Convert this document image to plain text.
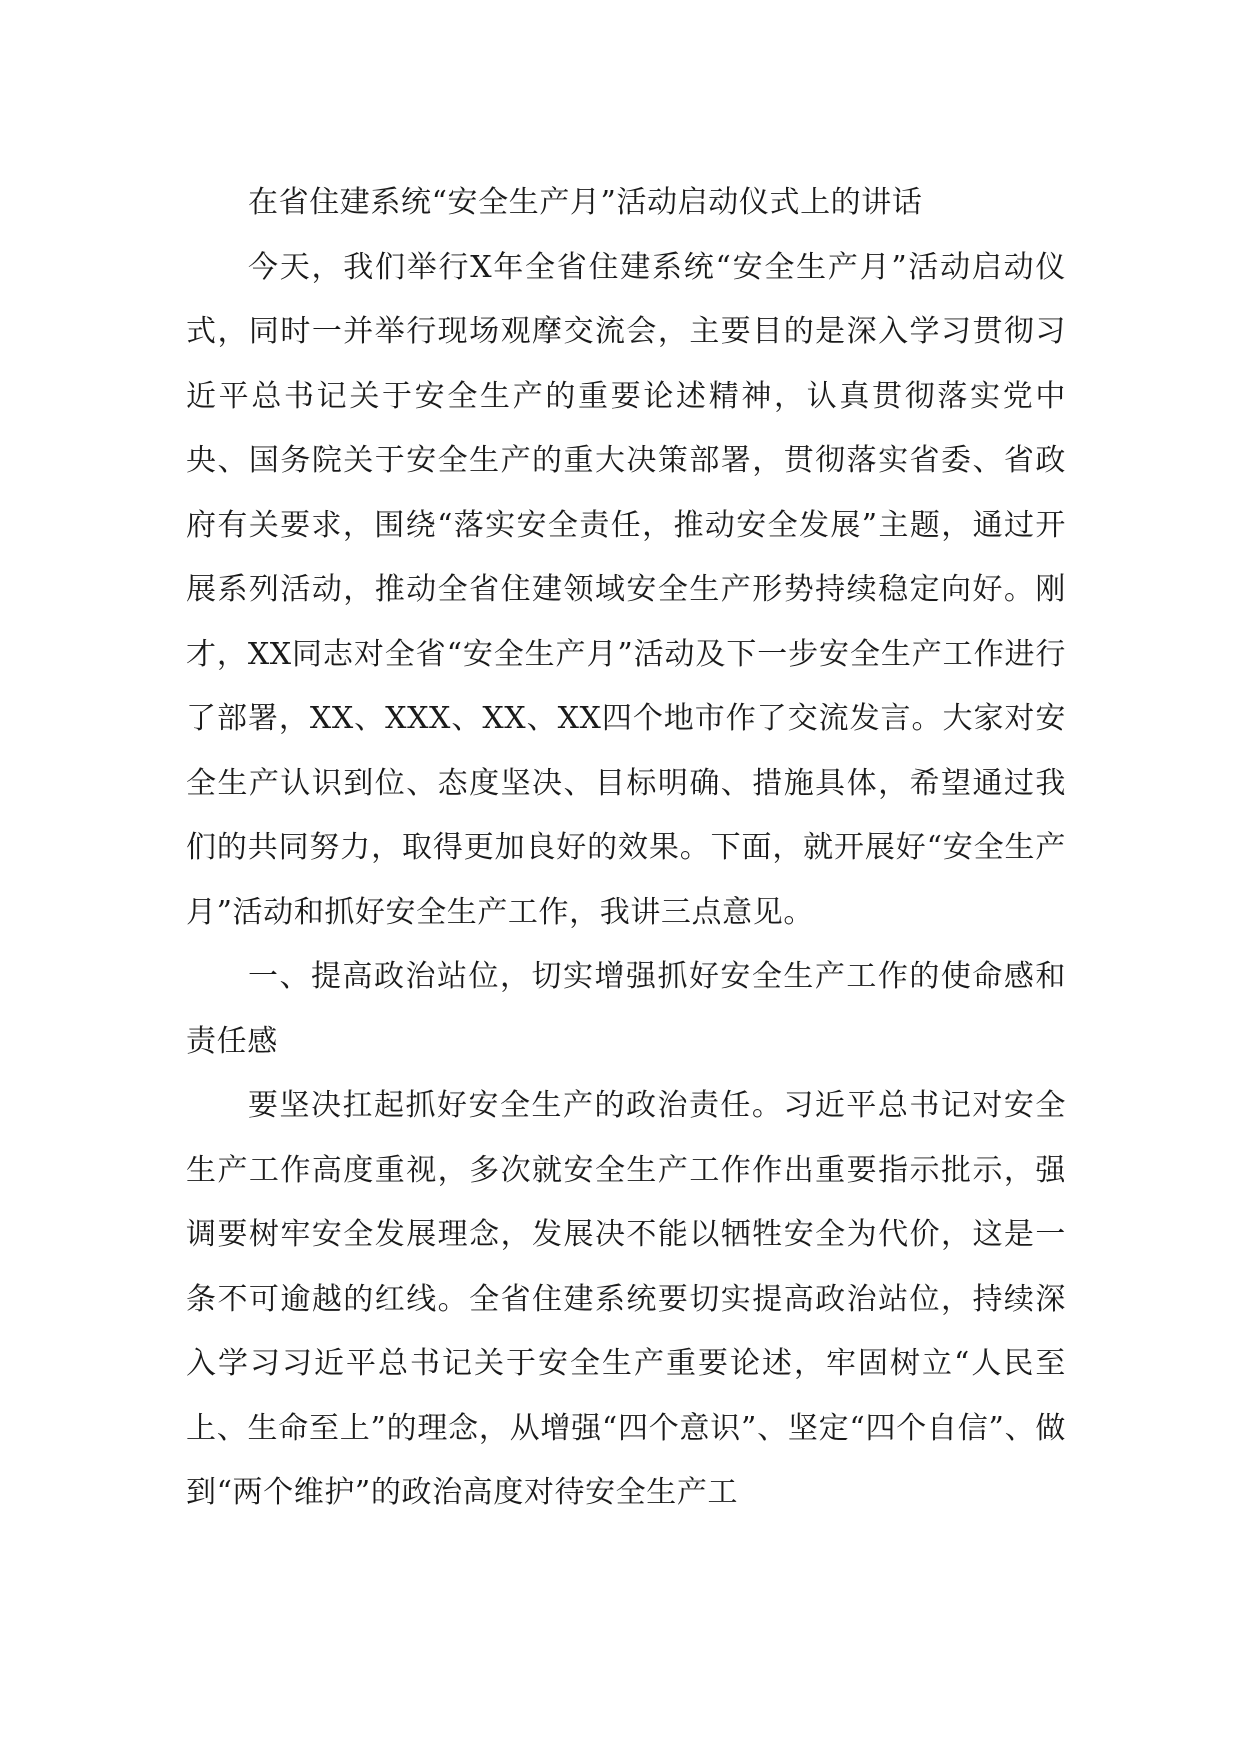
在省住建系统“安全生产月”活动启动仪式上的讲话

今天，我们举行X年全省住建系统“安全生产月”活动启动仪式，同时一并举行现场观摩交流会，主要目的是深入学习贯彻习近平总书记关于安全生产的重要论述精神，认真贯彻落实党中央、国务院关于安全生产的重大决策部署，贯彻落实省委、省政府有关要求，围绕“落实安全责任，推动安全发展”主题，通过开展系列活动，推动全省住建领域安全生产形势持续稳定向好。刚才，XX同志对全省“安全生产月”活动及下一步安全生产工作进行了部署，XX、XXX、XX、XX四个地市作了交流发言。大家对安全生产认识到位、态度坚决、目标明确、措施具体，希望通过我们的共同努力，取得更加良好的效果。下面，就开展好“安全生产月”活动和抓好安全生产工作，我讲三点意见。

一、提高政治站位，切实增强抓好安全生产工作的使命感和责任感

要坚决扛起抓好安全生产的政治责任。习近平总书记对安全生产工作高度重视，多次就安全生产工作作出重要指示批示，强调要树牢安全发展理念，发展决不能以牺牲安全为代价，这是一条不可逾越的红线。全省住建系统要切实提高政治站位，持续深入学习习近平总书记关于安全生产重要论述，牢固树立“人民至上、生命至上”的理念，从增强“四个意识”、坚定“四个自信”、做到“两个维护”的政治高度对待安全生产工
